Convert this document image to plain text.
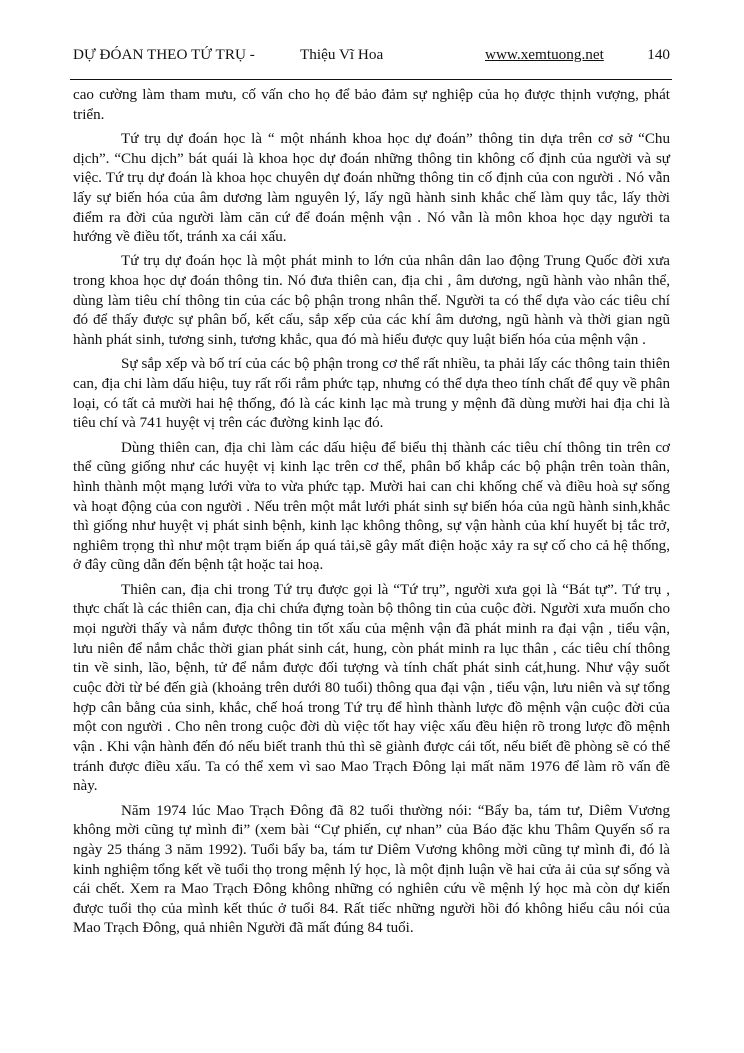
DỰ ĐÓAN THEO TỨ TRỤ -	Thiệu Vĩ Hoa	www.xemtuong.net	140

cao cường làm tham mưu, cố vấn cho họ để bảo đảm sự nghiệp của họ được thịnh vượng, phát triển.

Tứ trụ dự đoán học là “ một nhánh khoa học dự đoán” thông tin dựa trên cơ sở “Chu dịch”. “Chu dịch” bát quái là khoa học dự đoán những thông tin không cố định của người và sự việc. Tứ trụ dự đoán là khoa học chuyên dự đoán những thông tin cố định của con người . Nó vẫn lấy sự biến hóa của âm dương làm nguyên lý, lấy ngũ hành sinh khắc chế làm quy tắc, lấy thời điểm ra đời của người làm căn cứ để đoán mệnh vận . Nó vẫn là môn khoa học dạy người ta hướng về điều tốt, tránh xa cái xấu.

Tứ trụ dự đoán học là một phát minh to lớn của nhân dân lao động Trung Quốc đời xưa trong khoa học dự đoán thông tin. Nó đưa thiên can, địa chi , âm dương, ngũ hành vào nhân thể, dùng làm tiêu chí thông tin của các bộ phận trong nhân thể. Người ta có thể dựa vào các tiêu chí đó để thấy được sự phân bố, kết cấu, sắp xếp của các khí âm dương, ngũ hành và thời gian ngũ hành phát sinh, tương sinh, tương khắc, qua đó mà hiểu được quy luật biến hóa của mệnh vận .

Sự sắp xếp và bố trí của các bộ phận trong cơ thể rất nhiều, ta phải lấy các thông tain thiên can, địa chi làm dấu hiệu, tuy rất rối rắm phức tạp, nhưng có thể dựa theo tính chất để quy về phân loại, có tất cả mười hai hệ thống, đó là các kinh lạc mà trung y mệnh đã dùng mười hai địa chi là tiêu chí và 741 huyệt vị trên các đường kinh lạc đó.

Dùng thiên can, địa chi làm các dấu hiệu để biểu thị thành các tiêu chí thông tin trên cơ thể cũng giống như các huyệt vị kinh lạc trên cơ thể, phân bố khắp các bộ phận trên toàn thân, hình thành một mạng lưới vừa to vừa phức tạp. Mười hai can chi khống chế và điều hoà sự sống và hoạt động của con người . Nếu trên một mắt lưới phát sinh sự biến hóa của ngũ hành sinh,khắc thì giống như huyệt vị phát sinh bệnh, kinh lạc không thông, sự vận hành của khí huyết bị tắc trở, nghiêm trọng thì như một trạm biến áp quá tải,sẽ gây mất điện hoặc xảy ra sự cố cho cả hệ thống, ở đây cũng dẫn đến bệnh tật hoặc tai hoạ.

Thiên can, địa chi trong Tứ trụ được gọi là “Tứ trụ”, người xưa gọi là “Bát tự”. Tứ trụ , thực chất là các thiên can, địa chi chứa đựng toàn bộ thông tin của cuộc đời. Người xưa muốn cho mọi người thấy và nắm được thông tin tốt xấu của mệnh vận đã phát minh ra đại vận , tiểu vận, lưu niên để nắm chắc thời gian phát sinh cát, hung, còn phát minh ra lục thân , các tiêu chí thông tin về sinh, lão, bệnh, tử để nắm được đối tượng và tính chất phát sinh cát,hung. Như vậy suốt cuộc đời từ bé đến già (khoảng trên dưới 80 tuổi) thông qua đại vận , tiểu vận, lưu niên và sự tổng hợp cân bằng của sinh, khắc, chế hoá trong Tứ trụ để hình thành lược đồ mệnh vận cuộc đời của một con người . Cho nên trong cuộc đời dù việc tốt hay việc xấu đều hiện rõ trong lược đồ mệnh vận . Khi vận hành đến đó nếu biết tranh thủ thì sẽ giành được cái tốt, nếu biết đề phòng sẽ có thể tránh được điều xấu. Ta có thể xem vì sao Mao Trạch Đông lại mất năm 1976 để làm rõ vấn đề này.

Năm 1974 lúc Mao Trạch Đông đã 82 tuổi thường nói: “Bẩy ba, tám tư, Diêm Vương không mời cũng tự mình đi” (xem bài “Cự phiến, cự nhan” của Báo đặc khu Thâm Quyến số ra ngày 25 tháng 3 năm 1992). Tuổi bẩy ba, tám tư Diêm Vương không mời cũng tự mình đi, đó là kinh nghiệm tổng kết về tuổi thọ trong mệnh lý học, là một định luận về hai cửa ải của sự sống và cái chết. Xem ra Mao Trạch Đông không những có nghiên cứu về mệnh lý học mà còn dự kiến được tuổi thọ của mình kết thúc ở tuổi 84. Rất tiếc những người hồi đó không hiểu câu nói của Mao Trạch Đông, quả nhiên Người đã mất đúng 84 tuổi.
